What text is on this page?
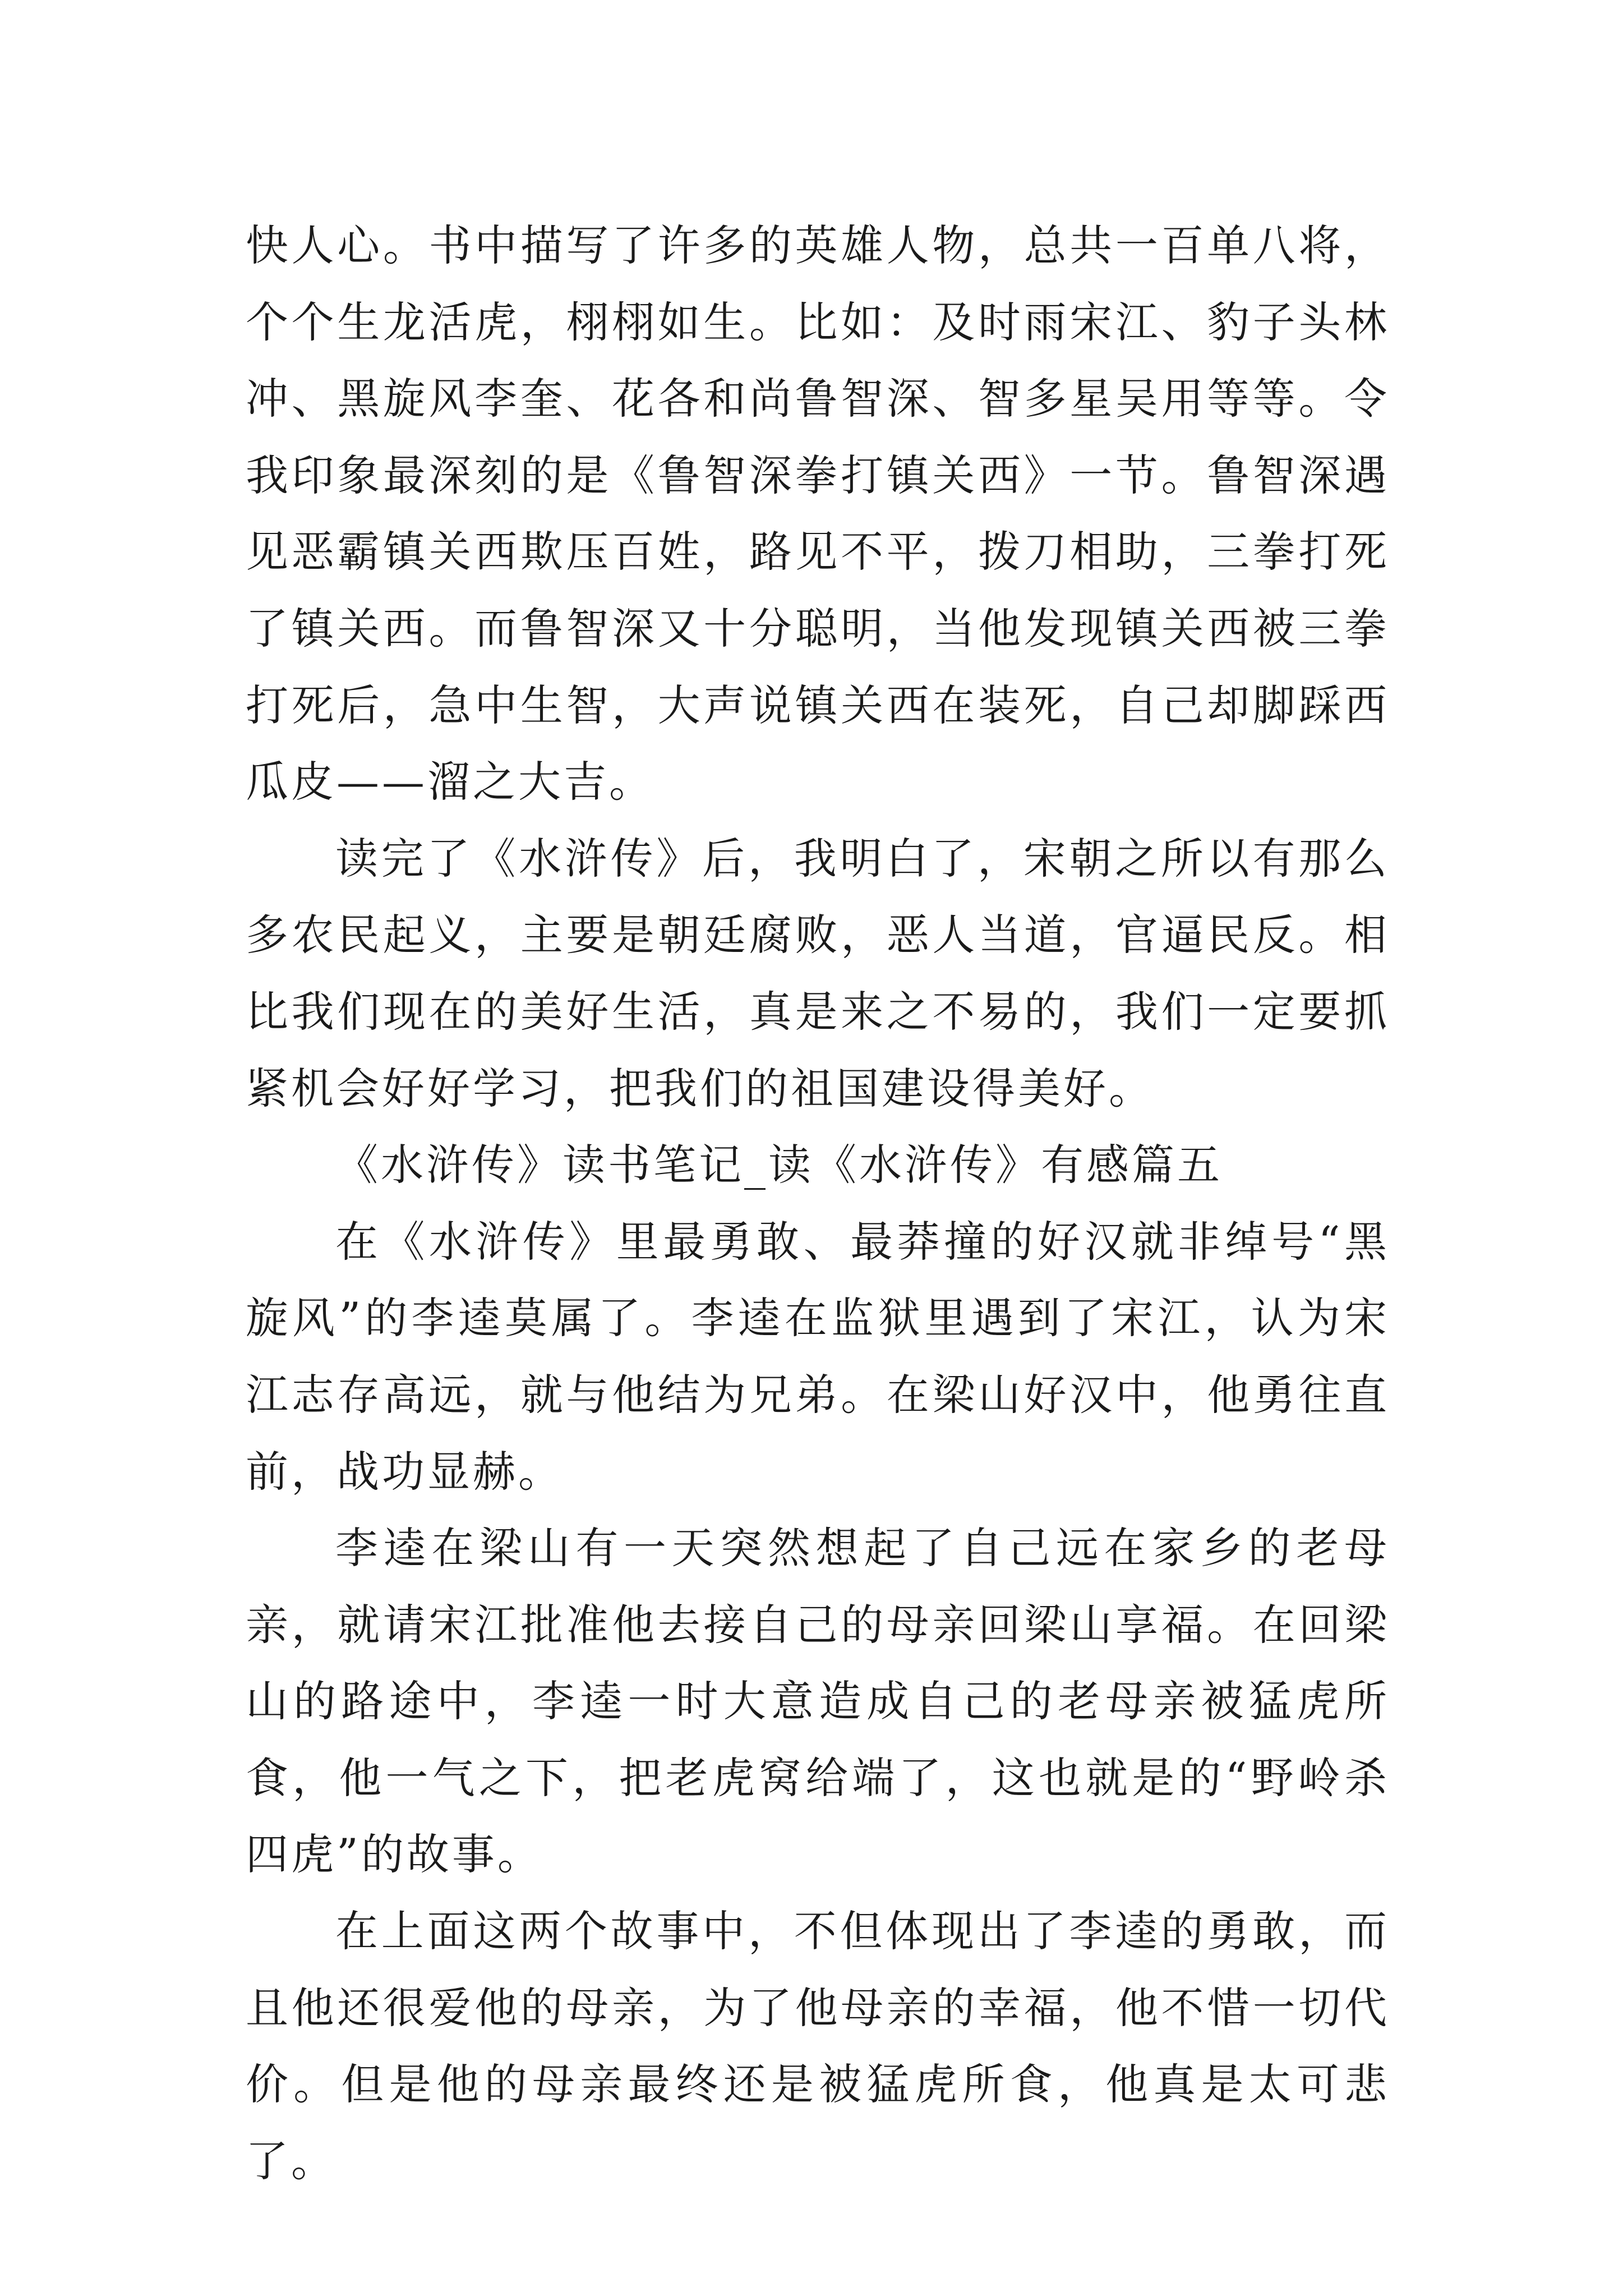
快人心。书中描写了许多的英雄人物，总共一百单八将，个个生龙活虎，栩栩如生。比如：及时雨宋江、豹子头林冲、黑旋风李奎、花各和尚鲁智深、智多星吴用等等。令我印象最深刻的是《鲁智深拳打镇关西》一节。鲁智深遇见恶霸镇关西欺压百姓，路见不平，拨刀相助，三拳打死了镇关西。而鲁智深又十分聪明，当他发现镇关西被三拳打死后，急中生智，大声说镇关西在装死，自己却脚踩西瓜皮——溜之大吉。

读完了《水浒传》后，我明白了，宋朝之所以有那么多农民起义，主要是朝廷腐败，恶人当道，官逼民反。相比我们现在的美好生活，真是来之不易的，我们一定要抓紧机会好好学习，把我们的祖国建设得美好。

《水浒传》读书笔记_读《水浒传》有感篇五

在《水浒传》里最勇敢、最莽撞的好汉就非绰号“黑旋风”的李逵莫属了。李逵在监狱里遇到了宋江，认为宋江志存高远，就与他结为兄弟。在梁山好汉中，他勇往直前，战功显赫。

李逵在梁山有一天突然想起了自己远在家乡的老母亲，就请宋江批准他去接自己的母亲回梁山享福。在回梁山的路途中，李逵一时大意造成自己的老母亲被猛虎所食，他一气之下，把老虎窝给端了，这也就是的“野岭杀四虎”的故事。

在上面这两个故事中，不但体现出了李逵的勇敢，而且他还很爱他的母亲，为了他母亲的幸福，他不惜一切代价。但是他的母亲最终还是被猛虎所食，他真是太可悲了。
